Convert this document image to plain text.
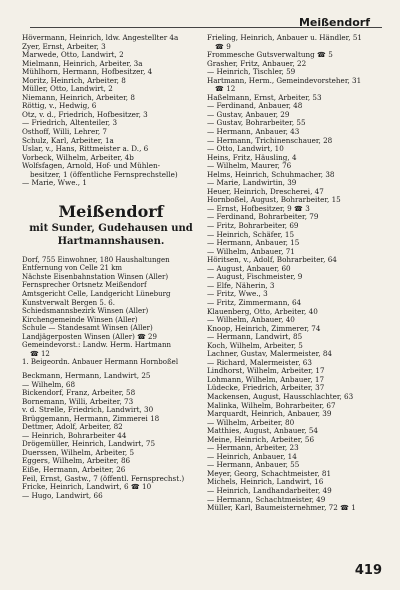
Meißendorf
Hövermann, Heinrich, ldw. Angestellter 4a
Zyer, Ernst, Arbeiter, 3
Marwede, Otto, Landwirt, 2
Mielmann, Heinrich, Arbeiter, 3a
Mühlhorn, Hermann, Hofbesitzer, 4
Moritz, Heinrich, Arbeiter, 8
Müller, Otto, Landwirt, 2
Niemann, Heinrich, Arbeiter, 8
Röttig, v., Hedwig, 6
Otz, v. d., Friedrich, Hofbesitzer, 3
— Friedrich, Altenteiler, 3
Osthoff, Willi, Lehrer, 7
Schulz, Karl, Arbeiter, 1a
Uslar, v., Hans, Rittmeister a. D., 6
Vorbeck, Wilhelm, Arbeiter, 4b
Wolfsfagen, Arnold, Hof- und Mühlen-
besitzer, 1 (öffentliche Fernsprechstelle)
— Marie, Wwe., 1
Meißendorf
mit Sunder, Gudehausen und
Hartmannshausen.
Dorf, 755 Einwohner, 180 Haushaltungen
Entfernung von Celle 21 km
Nächste Eisenbahnstation Winsen (Aller)
Fernsprecher Ortsnetz Meißendorf
Amtsgericht Celle, Landgericht Lüneburg
Kunstverwalt Bergen 5. 6.
Schiedsmannsbezirk Winsen (Aller)
Kirchengemeinde Winsen (Aller)
Schule — Standesamt Winsen (Aller)
Landjägerposten Winsen (Aller) ☎ 29
Gemeindevorst.: Landw. Herm. Hartmann
☎ 12
1. Beigeordn. Anbauer Hermann Hornboßel
Beckmann, Hermann, Landwirt, 25
— Wilhelm, 68
Bickendorf, Franz, Arbeiter, 58
Bornemann, Willi, Arbeiter, 73
v. d. Strelle, Friedrich, Landwirt, 30
Brüggemann, Hermann, Zimmerei 18
Dettmer, Adolf, Arbeiter, 82
— Heinrich, Bohrarbeiter 44
Drögemüller, Heinrich, Landwirt, 75
Duerssen, Wilhelm, Arbeiter, 5
Eggers, Wilhelm, Arbeiter, 86
Eiße, Hermann, Arbeiter, 26
Feil, Ernst, Gastw., 7 (öffentl. Fernsprechst.)
Fricke, Heinrich, Landwirt, 6 ☎ 10
— Hugo, Landwirt, 66
Frieling, Heinrich, Anbauer u. Händler, 51
☎ 9
Frommesche Gutsverwaltung ☎ 5
Grasher, Fritz, Anbauer, 22
— Heinrich, Tischler, 59
Hartmann, Herm., Gemeindevorsteher, 31
☎ 12
Haßelmann, Ernst, Arbeiter, 53
— Ferdinand, Anbauer, 48
— Gustav, Anbauer, 29
— Gustav, Bohrarbeiter, 55
— Hermann, Anbauer, 43
— Hermann, Trichinenschauer, 28
— Otto, Landwirt, 10
Heins, Fritz, Häusling, 4
— Wilhelm, Maurer, 76
Helms, Heinrich, Schuhmacher, 38
— Marie, Landwirtin, 39
Heuer, Heinrich, Drescherei, 47
Hornboßel, August, Bohrarbeiter, 15
— Ernst, Hofbesitzer, 9 ☎ 3
— Ferdinand, Bohrarbeiter, 79
— Fritz, Bohrarbeiter, 69
— Heinrich, Schäfer, 15
— Hermann, Anbauer, 15
— Wilhelm, Anbauer, 71
Höritsen, v., Adolf, Bohrarbeiter, 64
— August, Anbauer, 60
— August, Fischmeister, 9
— Elfe, Näherin, 3
— Fritz, Wwe., 3
— Fritz, Zimmermann, 64
Klauenberg, Otto, Arbeiter, 40
— Wilhelm, Anbauer, 40
Knoop, Heinrich, Zimmerer, 74
— Hermann, Landwirt, 85
Koch, Wilhelm, Arbeiter, 5
Lachner, Gustav, Malermeister, 84
— Richard, Malermeister, 63
Lindhorst, Wilhelm, Arbeiter, 17
Lohmann, Wilhelm, Anbauer, 17
Lüdecke, Friedrich, Arbeiter, 37
Mackensen, August, Hausschlachter, 63
Malinka, Wilhelm, Bohrarbeiter, 67
Marquardt, Heinrich, Anbauer, 39
— Wilhelm, Arbeiter, 80
Matthies, August, Anbauer, 54
Meine, Heinrich, Arbeiter, 56
— Hermann, Arbeiter, 23
— Heinrich, Anbauer, 14
— Hermann, Anbauer, 55
Meyer, Georg, Schachtmeister, 81
Michels, Heinrich, Landwirt, 16
— Heinrich, Landhandarbeiter, 49
— Hermann, Schachtmeister, 49
Müller, Karl, Baumeisternehmer, 72 ☎ 1
419
